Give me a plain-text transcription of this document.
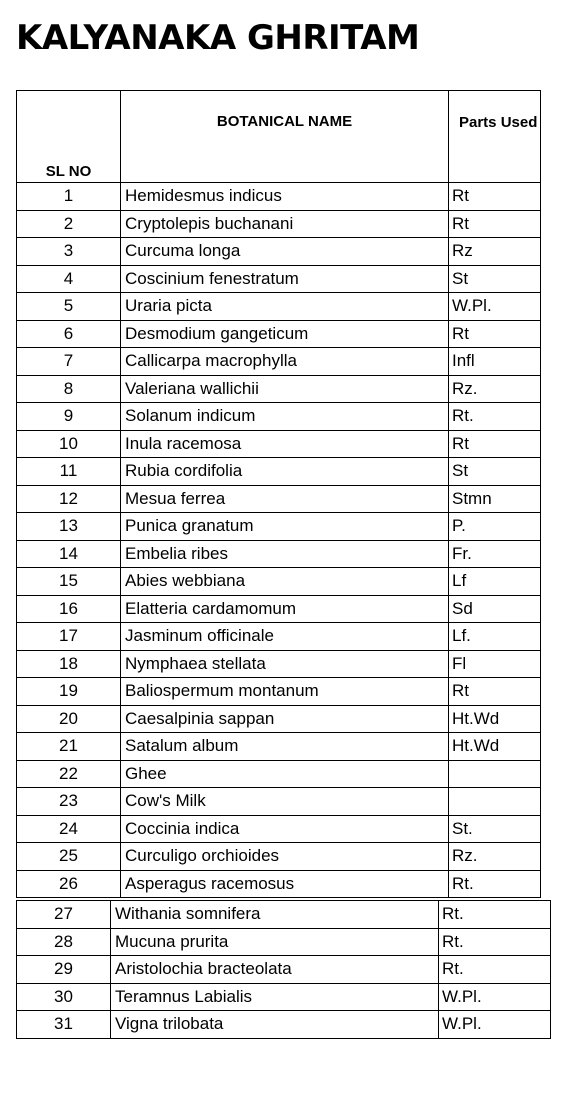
KALYANAKA GHRITAM
SL NO	BOTANICAL NAME	Parts Used
1	Hemidesmus indicus	Rt
2	Cryptolepis buchanani	Rt
3	Curcuma longa	Rz
4	Coscinium fenestratum	St
5	Uraria picta	W.Pl.
6	Desmodium gangeticum	Rt
7	Callicarpa macrophylla	Infl
8	Valeriana wallichii	Rz.
9	Solanum indicum	Rt.
10	Inula racemosa	Rt
11	Rubia cordifolia	St
12	Mesua ferrea	Stmn
13	Punica granatum	P.
14	Embelia ribes	Fr.
15	Abies webbiana	Lf
16	Elatteria cardamomum	Sd
17	Jasminum officinale	Lf.
18	Nymphaea stellata	Fl
19	Baliospermum montanum	Rt
20	Caesalpinia sappan	Ht.Wd
21	Satalum album	Ht.Wd
22	Ghee	
23	Cow's Milk	
24	Coccinia indica	St.
25	Curculigo orchioides	Rz.
26	Asperagus racemosus	Rt.
27	Withania somnifera	Rt.
28	Mucuna prurita	Rt.
29	Aristolochia bracteolata	Rt.
30	Teramnus Labialis	W.Pl.
31	Vigna trilobata	W.Pl.
